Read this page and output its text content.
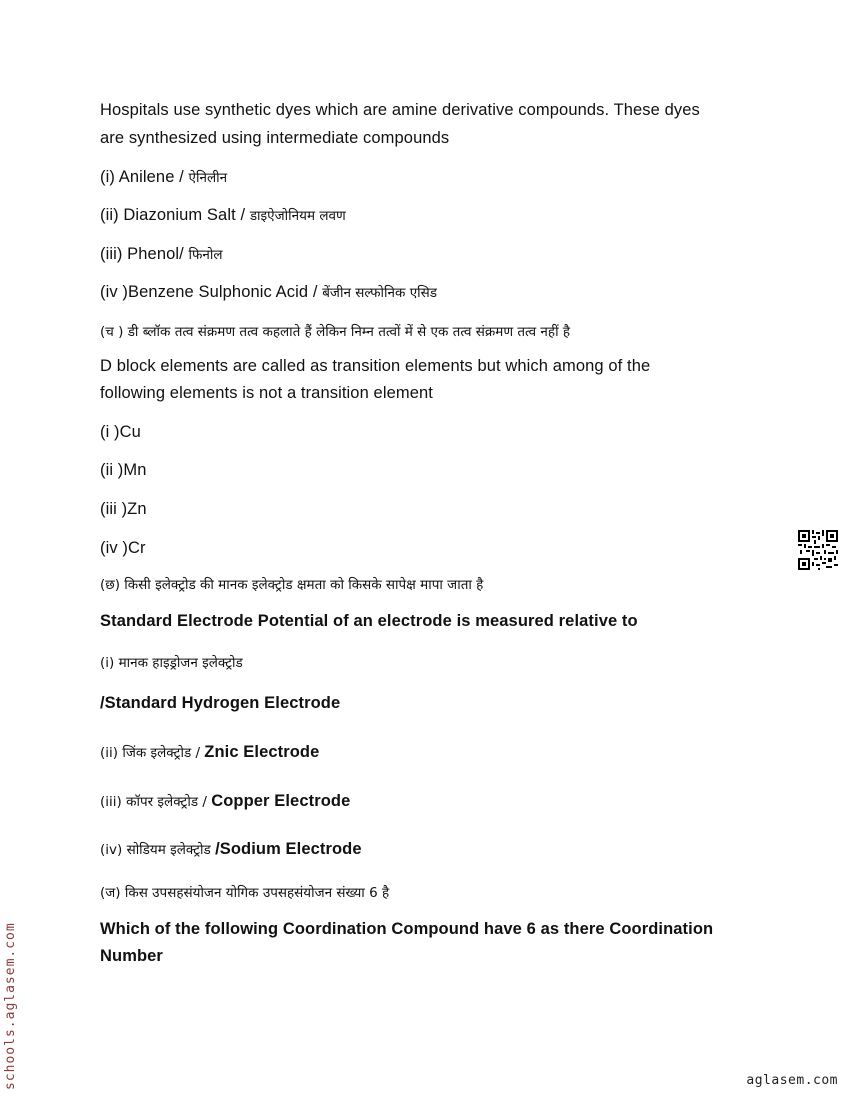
Hospitals use synthetic dyes which are amine derivative compounds. These dyes
are synthesized using intermediate compounds
(i) Anilene / ऐनिलीन
(ii) Diazonium Salt / डाइऐजोनियम लवण
(iii) Phenol/ फिनोल
(iv )Benzene Sulphonic Acid / बेंजीन सल्फोनिक एसिड
(च ) डी ब्लॉक तत्व संक्रमण तत्व कहलाते हैं लेकिन निम्न तत्वों में से एक तत्व संक्रमण तत्व नहीं है
D block elements are called as transition elements but which among of the
following elements is not a transition element
(i )Cu
(ii )Mn
(iii )Zn
(iv )Cr
(छ) किसी इलेक्ट्रोड की मानक इलेक्ट्रोड क्षमता को किसके सापेक्ष मापा जाता है
Standard Electrode Potential of an electrode is measured relative to
(i) मानक हाइड्रोजन इलेक्ट्रोड
/Standard Hydrogen Electrode
(ii) जिंक इलेक्ट्रोड / Znic Electrode
(iii) कॉपर इलेक्ट्रोड / Copper Electrode
(iv) सोडियम इलेक्ट्रोड /Sodium Electrode
(ज) किस उपसहसंयोजन योगिक उपसहसंयोजन संख्या 6 है
Which of the following Coordination Compound have 6 as there Coordination
Number
schools.aglasem.com	aglasem.com
